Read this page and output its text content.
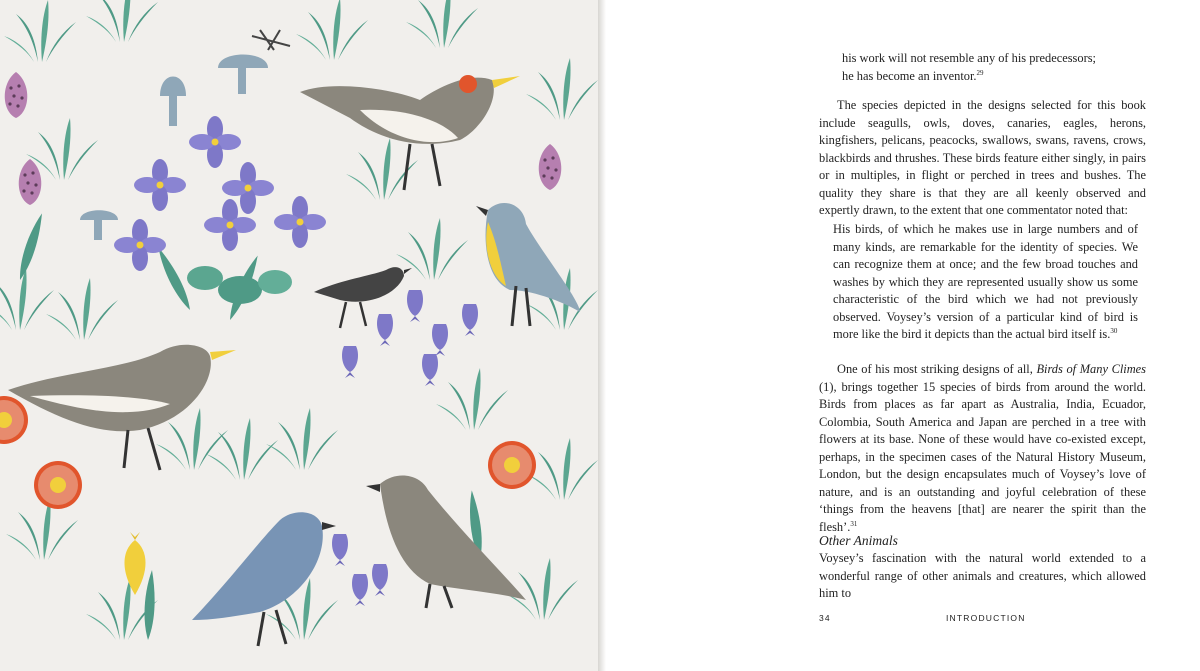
his work will not resemble any of his predecessors;
he has become an inventor.$^{29}$

The species depicted in the designs selected for this book include seagulls, owls, doves, canaries, eagles, herons, kingfishers, pelicans, peacocks, swallows, swans, ravens, crows, blackbirds and thrushes. These birds feature either singly, in pairs or in multiples, in flight or perched in trees and bushes. The quality they share is that they are all keenly observed and expertly drawn, to the extent that one commentator noted that:

His birds, of which he makes use in large numbers and of many kinds, are remarkable for the identity of species. We can recognize them at once; and the few broad touches and washes by which they are represented usually show us some characteristic of the bird which we had not previously observed. Voysey’s version of a particular kind of bird is more like the bird it depicts than the actual bird itself is.$^{30}$

One of his most striking designs of all, Birds of Many Climes (1), brings together 15 species of birds from around the world. Birds from places as far apart as Australia, India, Ecuador, Colombia, South America and Japan are perched in a tree with flowers at its base. None of these would have co-existed except, perhaps, in the specimen cases of the Natural History Museum, London, but the design encapsulates much of Voysey’s love of nature, and is an outstanding and joyful celebration of these ‘things from the heavens [that] are nearer the spirit than the flesh’.$^{31}$

Other Animals

Voysey’s fascination with the natural world extended to a wonderful range of other animals and creatures, which allowed him to

34	INTRODUCTION
